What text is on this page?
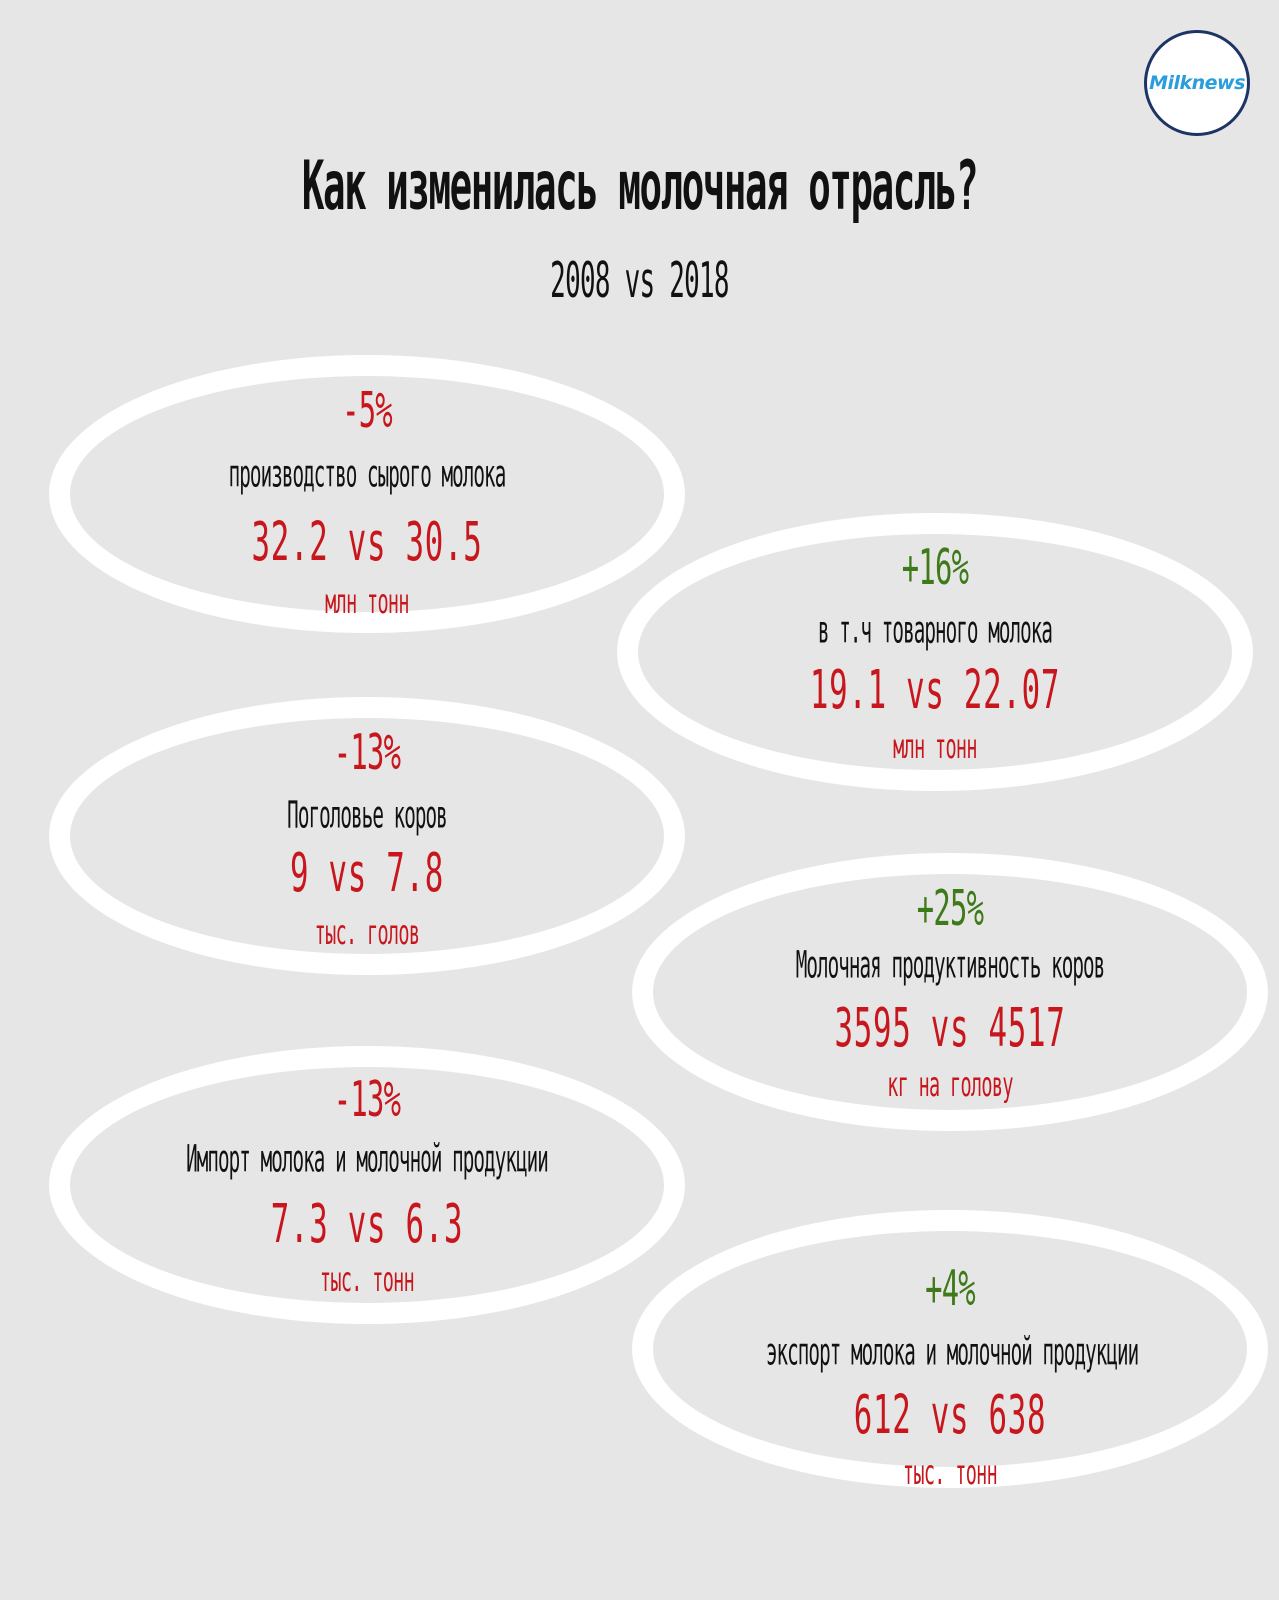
Milknews
Как изменилась молочная отрасль?
2008 vs 2018
-5%
производство сырого молока
32.2 vs 30.5
млн тонн
+16%
в т.ч товарного молока
19.1 vs 22.07
млн тонн
-13%
Поголовье коров
9 vs 7.8
тыс. голов	+25%
Молочная продуктивность коров
3595 vs 4517
кг на голову
-13%
Импорт молока и молочной продукции
7.3 vs 6.3
тыс. тонн	+4%
экспорт молока и молочной продукции
612 vs 638
тыс. тонн
